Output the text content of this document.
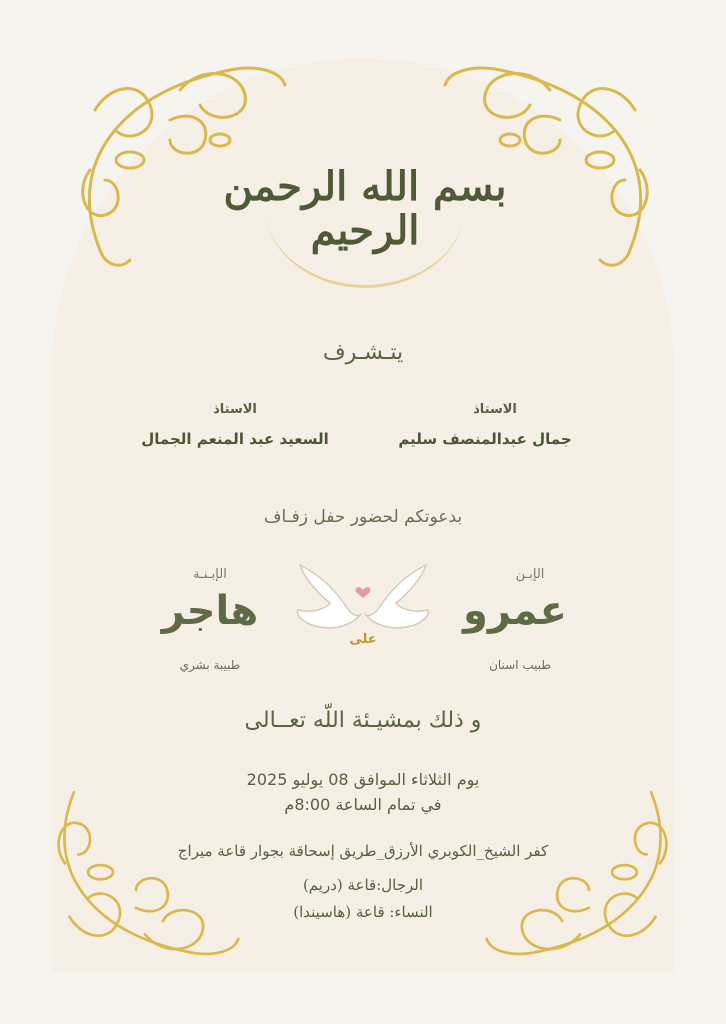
بسم الله الرحمن الرحيم
يتـشـرف
الاستاذ
جمال عبدالمنصف سليم
الاستاذ
السعيد عبد المنعم الجمال
بدعوتكم لحضور حفل زفـاف
الإبـن
عمرو
طبيب اسنان
الإبـنـة
هاجر
طبيبة بشري
على
و ذلك بمشيـئة اللّه تعــالى
يوم الثلاثاء الموافق 08 يوليو 2025
في تمام الساعة 8:00م
كفر الشيخ_الكوبري الأرزق_طريق إسحاقة بجوار قاعة ميراج
الرجال:قاعة (دريم)
النساء: قاعة (هاسيندا)
